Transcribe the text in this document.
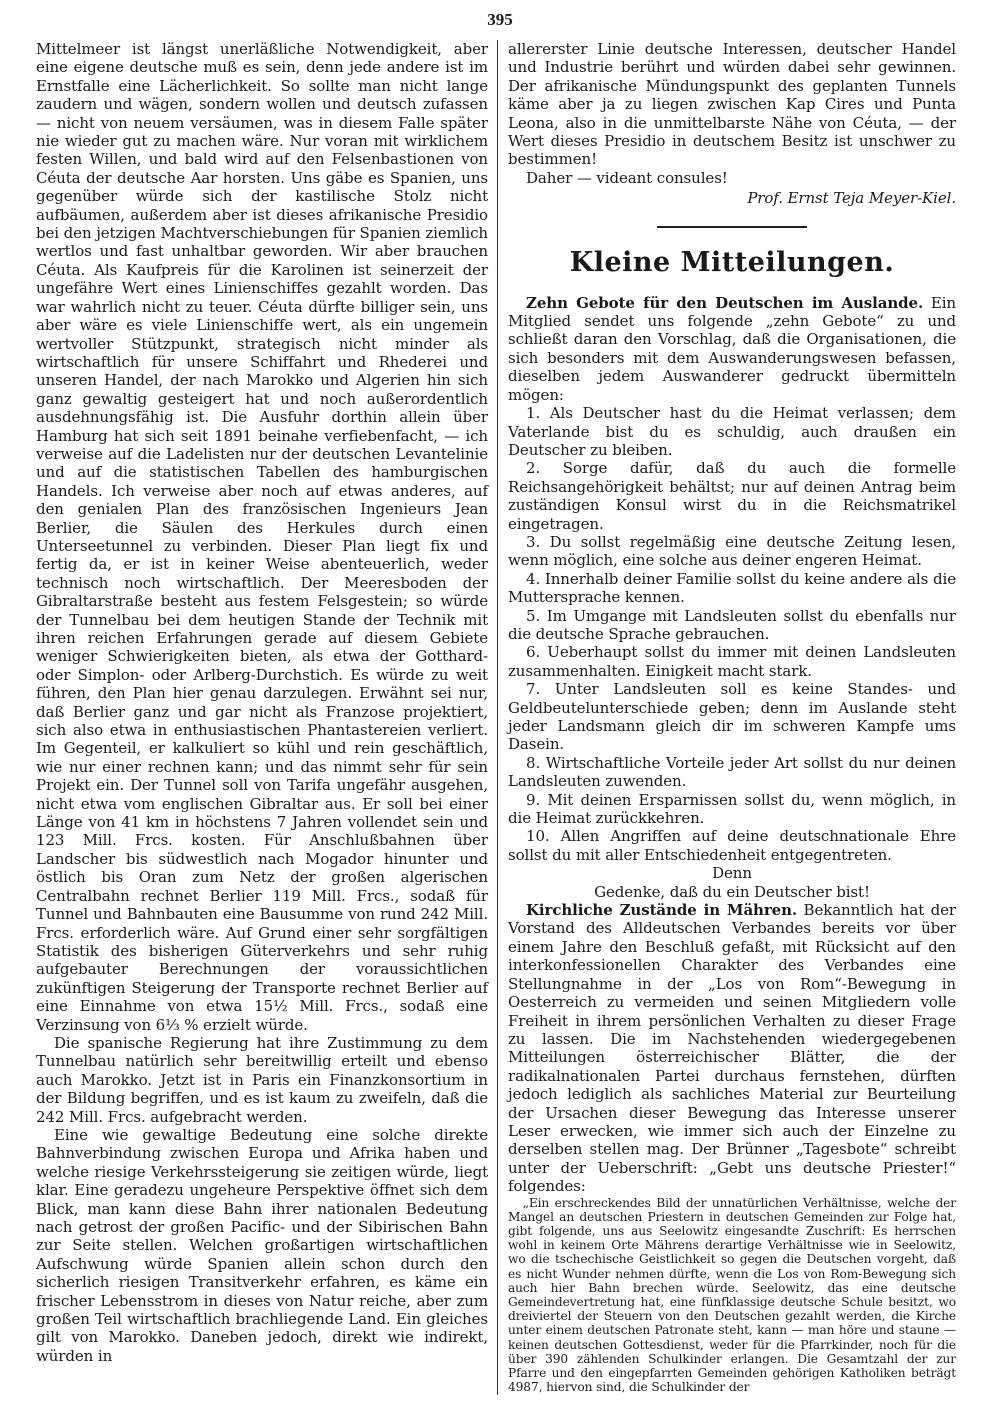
395

Mittelmeer ist längst unerläßliche Notwendigkeit, aber eine eigene deutsche muß es sein, denn jede andere ist im Ernstfalle eine Lächerlichkeit. So sollte man nicht lange zaudern und wägen, sondern wollen und deutsch zufassen — nicht von neuem versäumen, was in diesem Falle später nie wieder gut zu machen wäre. Nur voran mit wirklichem festen Willen, und bald wird auf den Felsenbastionen von Céuta der deutsche Aar horsten. Uns gäbe es Spanien, uns gegenüber würde sich der kastilische Stolz nicht aufbäumen, außerdem aber ist dieses afrikanische Presidio bei den jetzigen Machtverschiebungen für Spanien ziemlich wertlos und fast unhaltbar geworden. Wir aber brauchen Céuta. Als Kaufpreis für die Karolinen ist seinerzeit der ungefähre Wert eines Linienschiffes gezahlt worden. Das war wahrlich nicht zu teuer. Céuta dürfte billiger sein, uns aber wäre es viele Linienschiffe wert, als ein ungemein wertvoller Stützpunkt, strategisch nicht minder als wirtschaftlich für unsere Schiffahrt und Rhederei und unseren Handel, der nach Marokko und Algerien hin sich ganz gewaltig gesteigert hat und noch außerordentlich ausdehnungsfähig ist. Die Ausfuhr dorthin allein über Hamburg hat sich seit 1891 beinahe verfiebenfacht, — ich verweise auf die Ladelisten nur der deutschen Levantelinie und auf die statistischen Tabellen des hamburgischen Handels. Ich verweise aber noch auf etwas anderes, auf den genialen Plan des französischen Ingenieurs Jean Berlier, die Säulen des Herkules durch einen Unterseetunnel zu verbinden. Dieser Plan liegt fix und fertig da, er ist in keiner Weise abenteuerlich, weder technisch noch wirtschaftlich. Der Meeresboden der Gibraltarstraße besteht aus festem Felsgestein; so würde der Tunnelbau bei dem heutigen Stande der Technik mit ihren reichen Erfahrungen gerade auf diesem Gebiete weniger Schwierigkeiten bieten, als etwa der Gotthard- oder Simplon- oder Arlberg-Durchstich. Es würde zu weit führen, den Plan hier genau darzulegen. Erwähnt sei nur, daß Berlier ganz und gar nicht als Franzose projektiert, sich also etwa in enthusiastischen Phantastereien verliert. Im Gegenteil, er kalkuliert so kühl und rein geschäftlich, wie nur einer rechnen kann; und das nimmt sehr für sein Projekt ein. Der Tunnel soll von Tarifa ungefähr ausgehen, nicht etwa vom englischen Gibraltar aus. Er soll bei einer Länge von 41 km in höchstens 7 Jahren vollendet sein und 123 Mill. Frcs. kosten. Für Anschlußbahnen über Landscher bis südwestlich nach Mogador hinunter und östlich bis Oran zum Netz der großen algerischen Centralbahn rechnet Berlier 119 Mill. Frcs., sodaß für Tunnel und Bahnbauten eine Bausumme von rund 242 Mill. Frcs. erforderlich wäre. Auf Grund einer sehr sorgfältigen Statistik des bisherigen Güterverkehrs und sehr ruhig aufgebauter Berechnungen der voraussichtlichen zukünftigen Steigerung der Transporte rechnet Berlier auf eine Einnahme von etwa 15½ Mill. Frcs., sodaß eine Verzinsung von 6⅓ % erzielt würde.

Die spanische Regierung hat ihre Zustimmung zu dem Tunnelbau natürlich sehr bereitwillig erteilt und ebenso auch Marokko. Jetzt ist in Paris ein Finanzkonsortium in der Bildung begriffen, und es ist kaum zu zweifeln, daß die 242 Mill. Frcs. aufgebracht werden.

Eine wie gewaltige Bedeutung eine solche direkte Bahnverbindung zwischen Europa und Afrika haben und welche riesige Verkehrssteigerung sie zeitigen würde, liegt klar. Eine geradezu ungeheure Perspektive öffnet sich dem Blick, man kann diese Bahn ihrer nationalen Bedeutung nach getrost der großen Pacific- und der Sibirischen Bahn zur Seite stellen. Welchen großartigen wirtschaftlichen Aufschwung würde Spanien allein schon durch den sicherlich riesigen Transitverkehr erfahren, es käme ein frischer Lebensstrom in dieses von Natur reiche, aber zum großen Teil wirtschaftlich brachliegende Land. Ein gleiches gilt von Marokko. Daneben jedoch, direkt wie indirekt, würden in

allererster Linie deutsche Interessen, deutscher Handel und Industrie berührt und würden dabei sehr gewinnen. Der afrikanische Mündungspunkt des geplanten Tunnels käme aber ja zu liegen zwischen Kap Cires und Punta Leona, also in die unmittelbarste Nähe von Céuta, — der Wert dieses Presidio in deutschem Besitz ist unschwer zu bestimmen!

Daher — videant consules!

Prof. Ernst Teja Meyer-Kiel.
Kleine Mitteilungen.

Zehn Gebote für den Deutschen im Auslande. Ein Mitglied sendet uns folgende „zehn Gebote“ zu und schließt daran den Vorschlag, daß die Organisationen, die sich besonders mit dem Auswanderungswesen befassen, dieselben jedem Auswanderer gedruckt übermitteln mögen:

1. Als Deutscher hast du die Heimat verlassen; dem Vaterlande bist du es schuldig, auch draußen ein Deutscher zu bleiben.

2. Sorge dafür, daß du auch die formelle Reichsangehörigkeit behältst; nur auf deinen Antrag beim zuständigen Konsul wirst du in die Reichsmatrikel eingetragen.

3. Du sollst regelmäßig eine deutsche Zeitung lesen, wenn möglich, eine solche aus deiner engeren Heimat.

4. Innerhalb deiner Familie sollst du keine andere als die Muttersprache kennen.

5. Im Umgange mit Landsleuten sollst du ebenfalls nur die deutsche Sprache gebrauchen.

6. Ueberhaupt sollst du immer mit deinen Landsleuten zusammenhalten. Einigkeit macht stark.

7. Unter Landsleuten soll es keine Standes- und Geldbeutelunterschiede geben; denn im Auslande steht jeder Landsmann gleich dir im schweren Kampfe ums Dasein.

8. Wirtschaftliche Vorteile jeder Art sollst du nur deinen Landsleuten zuwenden.

9. Mit deinen Ersparnissen sollst du, wenn möglich, in die Heimat zurückkehren.

10. Allen Angriffen auf deine deutschnationale Ehre sollst du mit aller Entschiedenheit entgegentreten.

Denn

Gedenke, daß du ein Deutscher bist!

Kirchliche Zustände in Mähren. Bekanntlich hat der Vorstand des Alldeutschen Verbandes bereits vor über einem Jahre den Beschluß gefaßt, mit Rücksicht auf den interkonfessionellen Charakter des Verbandes eine Stellungnahme in der „Los von Rom“-Bewegung in Oesterreich zu vermeiden und seinen Mitgliedern volle Freiheit in ihrem persönlichen Verhalten zu dieser Frage zu lassen. Die im Nachstehenden wiedergegebenen Mitteilungen österreichischer Blätter, die der radikalnationalen Partei durchaus fernstehen, dürften jedoch lediglich als sachliches Material zur Beurteilung der Ursachen dieser Bewegung das Interesse unserer Leser erwecken, wie immer sich auch der Einzelne zu derselben stellen mag. Der Brünner „Tagesbote“ schreibt unter der Ueberschrift: „Gebt uns deutsche Priester!“ folgendes:

„Ein erschreckendes Bild der unnatürlichen Verhältnisse, welche der Mangel an deutschen Priestern in deutschen Gemeinden zur Folge hat, gibt folgende, uns aus Seelowitz eingesandte Zuschrift: Es herrschen wohl in keinem Orte Mährens derartige Verhältnisse wie in Seelowitz, wo die tschechische Geistlichkeit so gegen die Deutschen vorgeht, daß es nicht Wunder nehmen dürfte, wenn die Los von Rom-Bewegung sich auch hier Bahn brechen würde. Seelowitz, das eine deutsche Gemeindevertretung hat, eine fünfklassige deutsche Schule besitzt, wo dreiviertel der Steuern von den Deutschen gezahlt werden, die Kirche unter einem deutschen Patronate steht, kann — man höre und staune — keinen deutschen Gottesdienst, weder für die Pfarrkinder, noch für die über 390 zählenden Schulkinder erlangen. Die Gesamtzahl der zur Pfarre und den eingepfarrten Gemeinden gehörigen Katholiken beträgt 4987, hiervon sind, die Schulkinder der
